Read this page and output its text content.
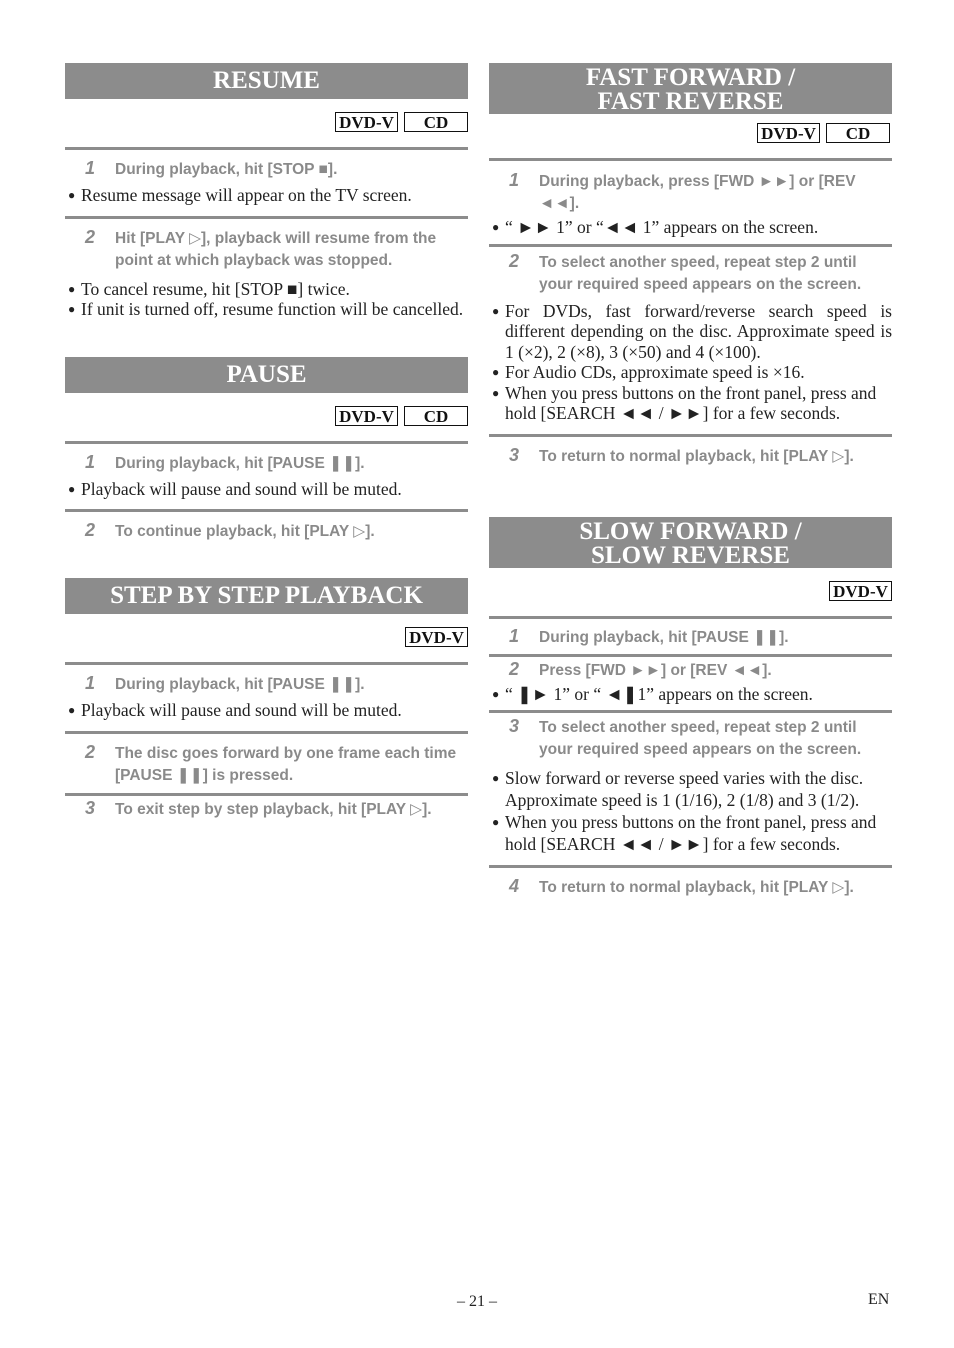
RESUME
DVD-V CD
1 During playback, hit [STOP ■].
● Resume message will appear on the TV screen.
2 Hit [PLAY ▷], playback will resume from the point at which playback was stopped.
● To cancel resume, hit [STOP ■] twice.
● If unit is turned off, resume function will be cancelled.
PAUSE
DVD-V CD
1 During playback, hit [PAUSE ❚❚].
● Playback will pause and sound will be muted.
2 To continue playback, hit [PLAY ▷].
STEP BY STEP PLAYBACK
DVD-V
1 During playback, hit [PAUSE ❚❚].
● Playback will pause and sound will be muted.
2 The disc goes forward by one frame each time [PAUSE ❚❚] is pressed.
3 To exit step by step playback, hit [PLAY ▷].
FAST FORWARD /
FAST REVERSE
DVD-V CD
1 During playback, press [FWD ►►] or [REV ◄◄].
● “ ►► 1” or “◄◄ 1” appears on the screen.
2 To select another speed, repeat step 2 until your required speed appears on the screen.
● For DVDs, fast forward/reverse search speed is different depending on the disc. Approximate speed is 1 (×2), 2 (×8), 3 (×50) and 4 (×100).
● For Audio CDs, approximate speed is ×16.
● When you press buttons on the front panel, press and hold [SEARCH ◄◄ / ►►] for a few seconds.
3 To return to normal playback, hit [PLAY ▷].
SLOW FORWARD /
SLOW REVERSE
DVD-V
1 During playback, hit [PAUSE ❚❚].
2 Press [FWD ►►] or [REV ◄◄].
● “ ❚► 1” or “ ◄❚1” appears on the screen.
3 To select another speed, repeat step 2 until your required speed appears on the screen.
● Slow forward or reverse speed varies with the disc. Approximate speed is 1 (1/16), 2 (1/8) and 3 (1/2).
● When you press buttons on the front panel, press and hold [SEARCH ◄◄ / ►►] for a few seconds.
4 To return to normal playback, hit [PLAY ▷].
– 21 –	EN
